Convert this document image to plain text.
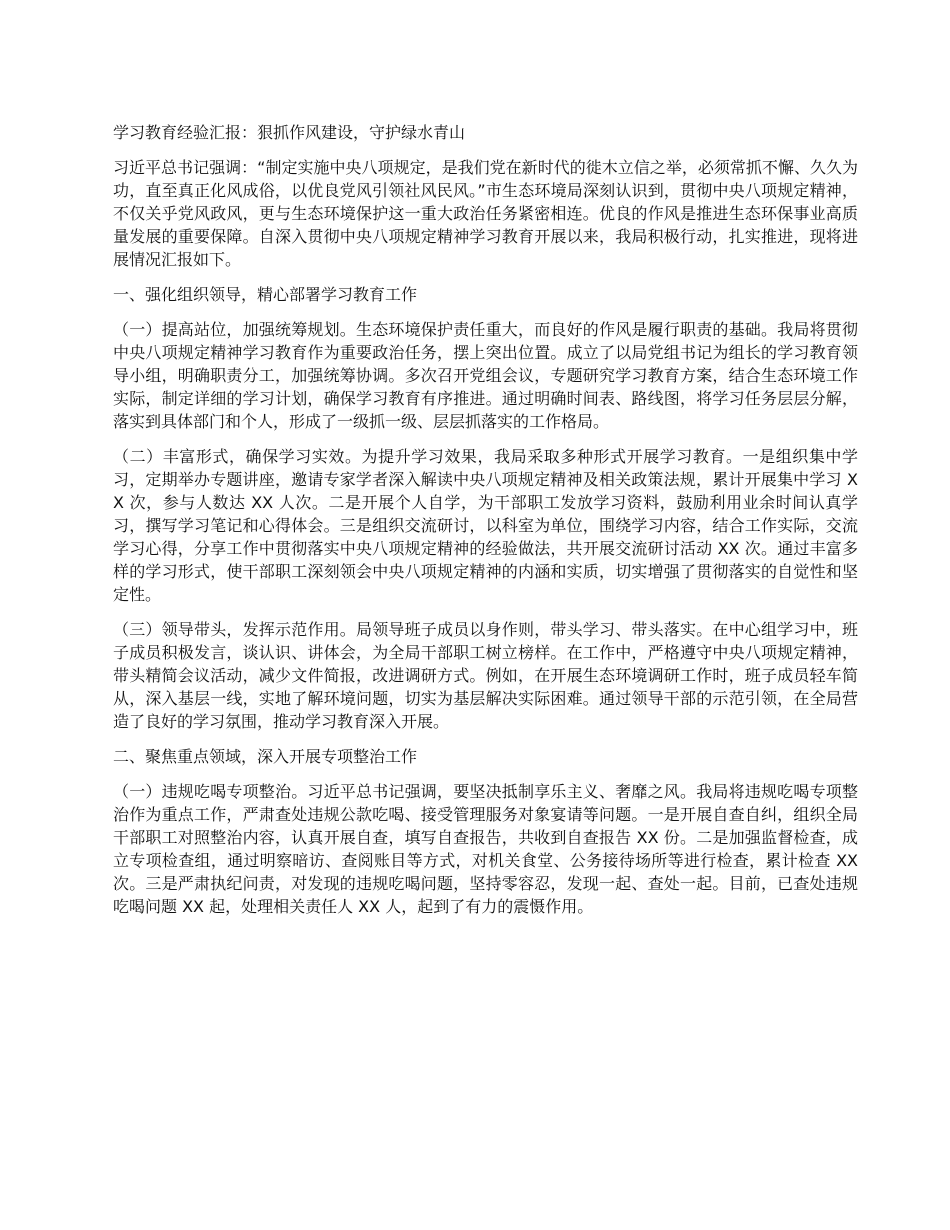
学习教育经验汇报：狠抓作风建设，守护绿水青山

习近平总书记强调：“制定实施中央八项规定，是我们党在新时代的徙木立信之举，必须常抓不懈、久久为功，直至真正化风成俗，以优良党风引领社风民风。”市生态环境局深刻认识到，贯彻中央八项规定精神，不仅关乎党风政风，更与生态环境保护这一重大政治任务紧密相连。优良的作风是推进生态环保事业高质量发展的重要保障。自深入贯彻中央八项规定精神学习教育开展以来，我局积极行动，扎实推进，现将进展情况汇报如下。

一、强化组织领导，精心部署学习教育工作

（一）提高站位，加强统筹规划。生态环境保护责任重大，而良好的作风是履行职责的基础。我局将贯彻中央八项规定精神学习教育作为重要政治任务，摆上突出位置。成立了以局党组书记为组长的学习教育领导小组，明确职责分工，加强统筹协调。多次召开党组会议，专题研究学习教育方案，结合生态环境工作实际，制定详细的学习计划，确保学习教育有序推进。通过明确时间表、路线图，将学习任务层层分解，落实到具体部门和个人，形成了一级抓一级、层层抓落实的工作格局。

（二）丰富形式，确保学习实效。为提升学习效果，我局采取多种形式开展学习教育。一是组织集中学习，定期举办专题讲座，邀请专家学者深入解读中央八项规定精神及相关政策法规，累计开展集中学习 XX 次，参与人数达 XX 人次。二是开展个人自学，为干部职工发放学习资料，鼓励利用业余时间认真学习，撰写学习笔记和心得体会。三是组织交流研讨，以科室为单位，围绕学习内容，结合工作实际，交流学习心得，分享工作中贯彻落实中央八项规定精神的经验做法，共开展交流研讨活动 XX 次。通过丰富多样的学习形式，使干部职工深刻领会中央八项规定精神的内涵和实质，切实增强了贯彻落实的自觉性和坚定性。

（三）领导带头，发挥示范作用。局领导班子成员以身作则，带头学习、带头落实。在中心组学习中，班子成员积极发言，谈认识、讲体会，为全局干部职工树立榜样。在工作中，严格遵守中央八项规定精神，带头精简会议活动，减少文件简报，改进调研方式。例如，在开展生态环境调研工作时，班子成员轻车简从，深入基层一线，实地了解环境问题，切实为基层解决实际困难。通过领导干部的示范引领，在全局营造了良好的学习氛围，推动学习教育深入开展。

二、聚焦重点领域，深入开展专项整治工作

（一）违规吃喝专项整治。习近平总书记强调，要坚决抵制享乐主义、奢靡之风。我局将违规吃喝专项整治作为重点工作，严肃查处违规公款吃喝、接受管理服务对象宴请等问题。一是开展自查自纠，组织全局干部职工对照整治内容，认真开展自查，填写自查报告，共收到自查报告 XX 份。二是加强监督检查，成立专项检查组，通过明察暗访、查阅账目等方式，对机关食堂、公务接待场所等进行检查，累计检查 XX 次。三是严肃执纪问责，对发现的违规吃喝问题，坚持零容忍，发现一起、查处一起。目前，已查处违规吃喝问题 XX 起，处理相关责任人 XX 人，起到了有力的震慑作用。
